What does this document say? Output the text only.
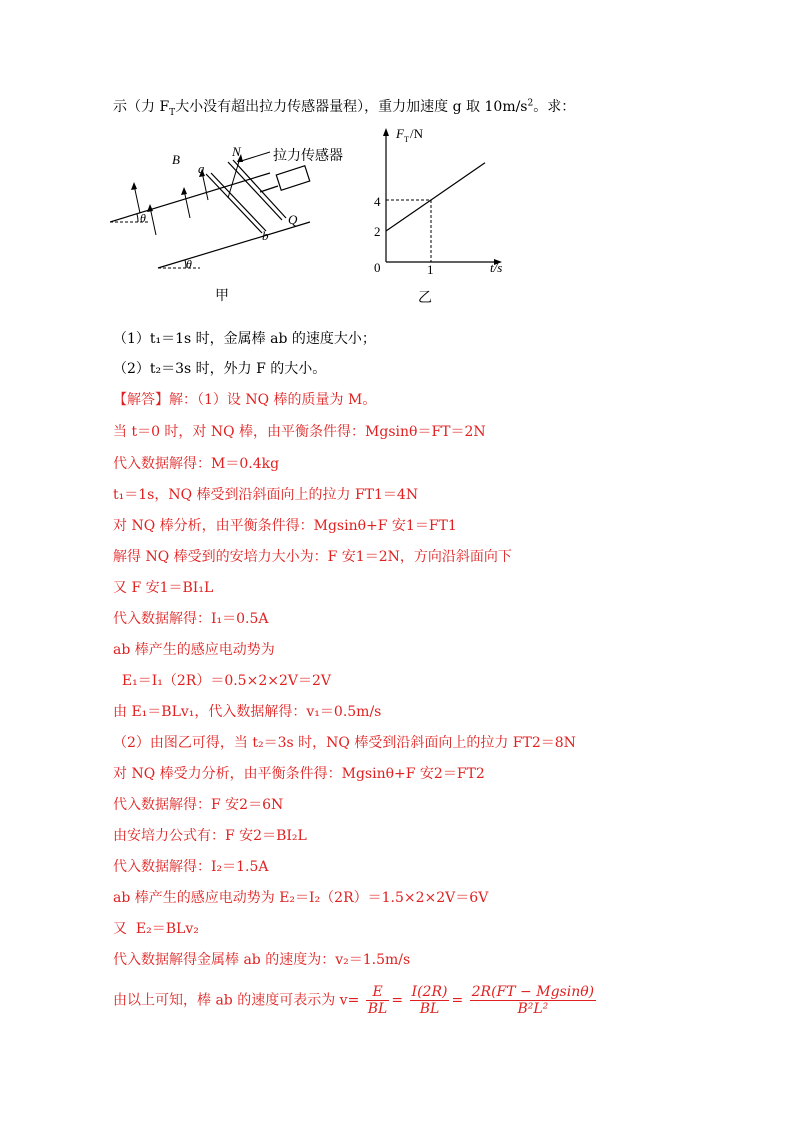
示（力 $F_T$大小没有超出拉力传感器量程），重力加速度 g 取 $10m/s^2$。求：
B
N
a
b
Q
θ
θ
拉力传感器
甲
F T /N
t/s
4
2
0	1
乙
（1）t₁＝1s 时，金属棒 ab 的速度大小；
（2）t₂＝3s 时，外力 F 的大小。
【解答】解：（1）设 NQ 棒的质量为 M。
当 t＝0 时，对 NQ 棒，由平衡条件得：Mgsinθ＝FT＝2N
代入数据解得：M＝0.4kg
t₁＝1s，NQ 棒受到沿斜面向上的拉力 FT1＝4N
对 NQ 棒分析，由平衡条件得：Mgsinθ+F 安1＝FT1
解得 NQ 棒受到的安培力大小为：F 安1＝2N，方向沿斜面向下
又 F 安1＝BI₁L
代入数据解得：I₁＝0.5A
ab 棒产生的感应电动势为
E₁＝I₁（2R）＝0.5×2×2V＝2V
由 E₁＝BLv₁，代入数据解得：v₁＝0.5m/s
（2）由图乙可得，当 t₂＝3s 时，NQ 棒受到沿斜面向上的拉力 FT2＝8N
对 NQ 棒受力分析，由平衡条件得：Mgsinθ+F 安2＝FT2
代入数据解得：F 安2＝6N
由安培力公式有：F 安2＝BI₂L
代入数据解得：I₂＝1.5A
ab 棒产生的感应电动势为 E₂＝I₂（2R）＝1.5×2×2V＝6V
又  E₂＝BLv₂
代入数据解得金属棒 ab 的速度为：v₂＝1.5m/s
由以上可知，棒 ab 的速度可表示为 $v= \frac{E}{BL} = \frac{I(2R)}{BL} = \frac{2R(FT - Mgsin\theta)}{\text{B²L²}}$
